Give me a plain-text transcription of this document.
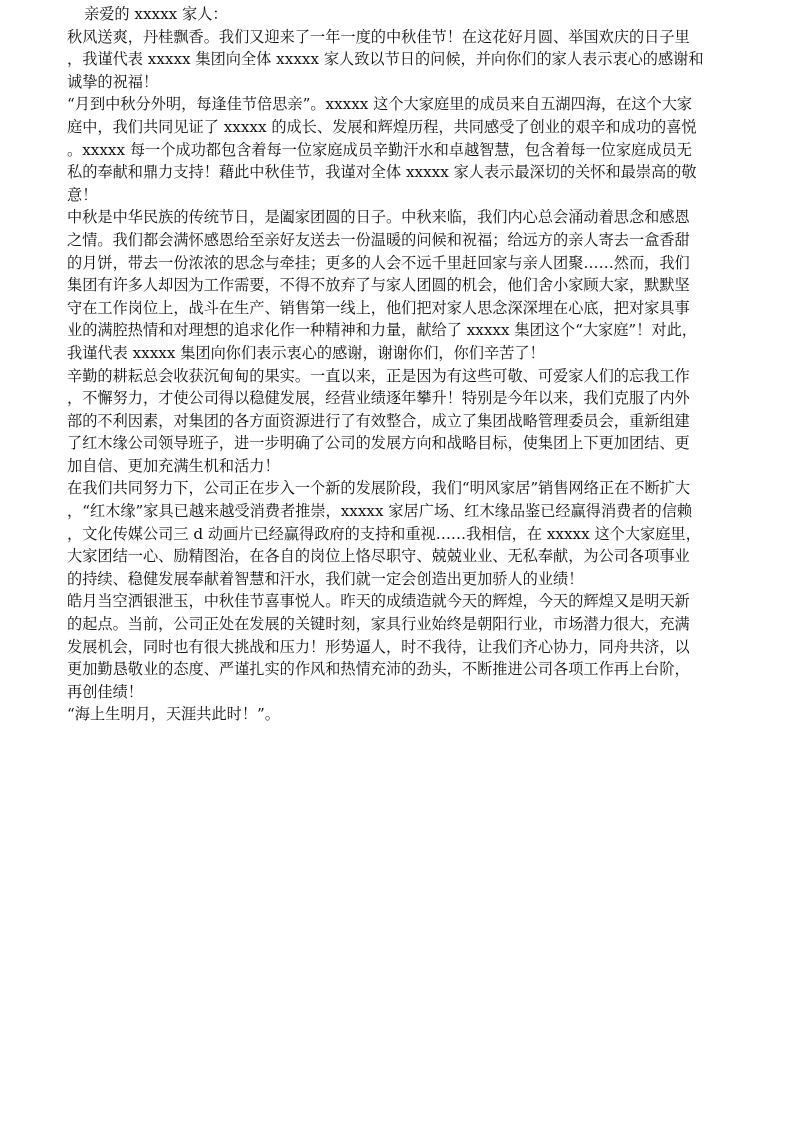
亲爱的 xxxxx 家人：
秋风送爽，丹桂飘香。我们又迎来了一年一度的中秋佳节！在这花好月圆、举国欢庆的日子里
，我谨代表 xxxxx 集团向全体 xxxxx 家人致以节日的问候，并向你们的家人表示衷心的感谢和
诚挚的祝福！
“月到中秋分外明，每逢佳节倍思亲”。xxxxx 这个大家庭里的成员来自五湖四海，在这个大家
庭中，我们共同见证了 xxxxx 的成长、发展和辉煌历程，共同感受了创业的艰辛和成功的喜悦
。xxxxx 每一个成功都包含着每一位家庭成员辛勤汗水和卓越智慧，包含着每一位家庭成员无
私的奉献和鼎力支持！藉此中秋佳节，我谨对全体 xxxxx 家人表示最深切的关怀和最崇高的敬
意！
中秋是中华民族的传统节日，是阖家团圆的日子。中秋来临，我们内心总会涌动着思念和感恩
之情。我们都会满怀感恩给至亲好友送去一份温暖的问候和祝福；给远方的亲人寄去一盒香甜
的月饼，带去一份浓浓的思念与牵挂；更多的人会不远千里赶回家与亲人团聚……然而，我们
集团有许多人却因为工作需要，不得不放弃了与家人团圆的机会，他们舍小家顾大家，默默坚
守在工作岗位上，战斗在生产、销售第一线上，他们把对家人思念深深埋在心底，把对家具事
业的满腔热情和对理想的追求化作一种精神和力量，献给了 xxxxx 集团这个“大家庭”！对此，
我谨代表 xxxxx 集团向你们表示衷心的感谢，谢谢你们，你们辛苦了！
辛勤的耕耘总会收获沉甸甸的果实。一直以来，正是因为有这些可敬、可爱家人们的忘我工作
，不懈努力，才使公司得以稳健发展，经营业绩逐年攀升！特别是今年以来，我们克服了内外
部的不利因素，对集团的各方面资源进行了有效整合，成立了集团战略管理委员会，重新组建
了红木缘公司领导班子，进一步明确了公司的发展方向和战略目标，使集团上下更加团结、更
加自信、更加充满生机和活力！
在我们共同努力下，公司正在步入一个新的发展阶段，我们“明风家居”销售网络正在不断扩大
，“红木缘”家具已越来越受消费者推崇，xxxxx 家居广场、红木缘品鉴已经赢得消费者的信赖
，文化传媒公司三 d 动画片已经赢得政府的支持和重视……我相信，在 xxxxx 这个大家庭里，
大家团结一心、励精图治，在各自的岗位上恪尽职守、兢兢业业、无私奉献，为公司各项事业
的持续、稳健发展奉献着智慧和汗水，我们就一定会创造出更加骄人的业绩！
皓月当空洒银泄玉，中秋佳节喜事悦人。昨天的成绩造就今天的辉煌，今天的辉煌又是明天新
的起点。当前，公司正处在发展的关键时刻，家具行业始终是朝阳行业，市场潜力很大，充满
发展机会，同时也有很大挑战和压力！形势逼人，时不我待，让我们齐心协力，同舟共济，以
更加勤恳敬业的态度、严谨扎实的作风和热情充沛的劲头，不断推进公司各项工作再上台阶，
再创佳绩！
“海上生明月，天涯共此时！”。
